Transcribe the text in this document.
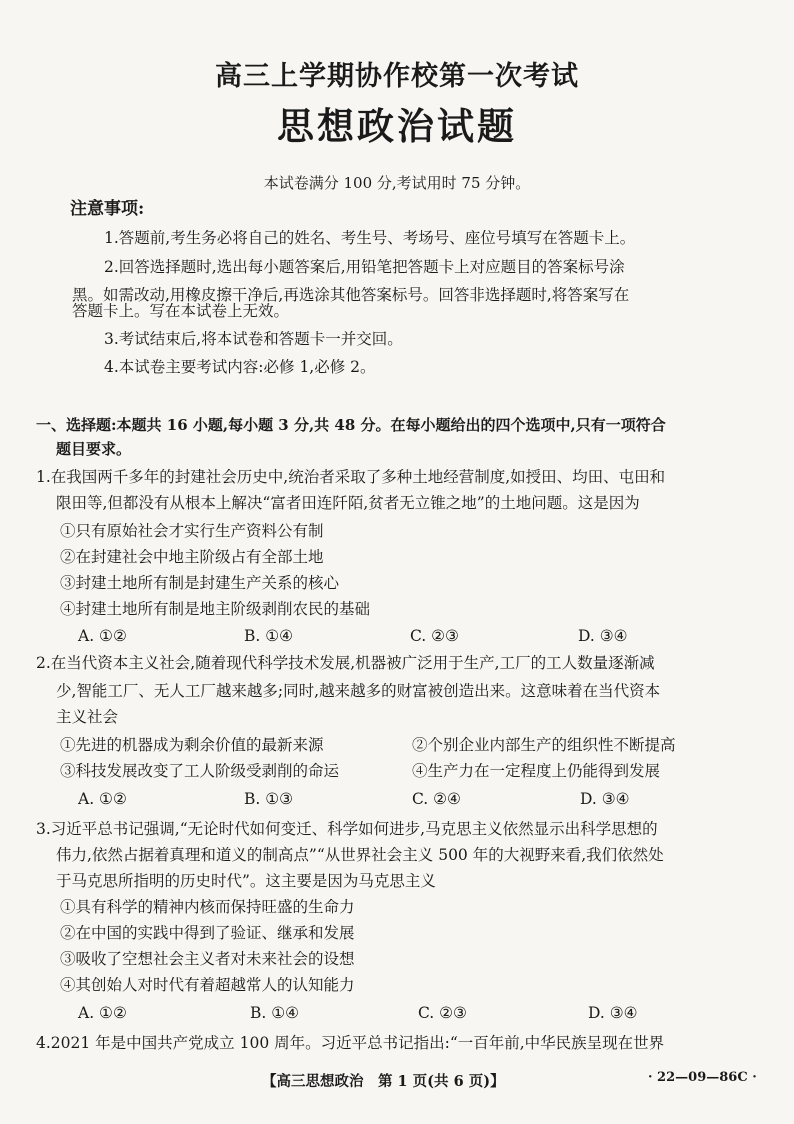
高三上学期协作校第一次考试
思想政治试题
本试卷满分 100 分,考试用时 75 分钟。
注意事项:
1.答题前,考生务必将自己的姓名、考生号、考场号、座位号填写在答题卡上。
2.回答选择题时,选出每小题答案后,用铅笔把答题卡上对应题目的答案标号涂
黑。如需改动,用橡皮擦干净后,再选涂其他答案标号。回答非选择题时,将答案写在
答题卡上。写在本试卷上无效。
3.考试结束后,将本试卷和答题卡一并交回。
4.本试卷主要考试内容:必修 1,必修 2。
一、选择题:本题共 16 小题,每小题 3 分,共 48 分。在每小题给出的四个选项中,只有一项符合
题目要求。
1.在我国两千多年的封建社会历史中,统治者采取了多种土地经营制度,如授田、均田、屯田和
限田等,但都没有从根本上解决“富者田连阡陌,贫者无立锥之地”的土地问题。这是因为
①只有原始社会才实行生产资料公有制
②在封建社会中地主阶级占有全部土地
③封建土地所有制是封建生产关系的核心
④封建土地所有制是地主阶级剥削农民的基础
A. ①②	B. ①④	C. ②③	D. ③④
2.在当代资本主义社会,随着现代科学技术发展,机器被广泛用于生产,工厂的工人数量逐渐减
少,智能工厂、无人工厂越来越多;同时,越来越多的财富被创造出来。这意味着在当代资本
主义社会
①先进的机器成为剩余价值的最新来源	②个别企业内部生产的组织性不断提高
③科技发展改变了工人阶级受剥削的命运	④生产力在一定程度上仍能得到发展
A. ①②	B. ①③	C. ②④	D. ③④
3.习近平总书记强调,“无论时代如何变迁、科学如何进步,马克思主义依然显示出科学思想的
伟力,依然占据着真理和道义的制高点”“从世界社会主义 500 年的大视野来看,我们依然处
于马克思所指明的历史时代”。这主要是因为马克思主义
①具有科学的精神内核而保持旺盛的生命力
②在中国的实践中得到了验证、继承和发展
③吸收了空想社会主义者对未来社会的设想
④其创始人对时代有着超越常人的认知能力
A. ①②	B. ①④	C. ②③	D. ③④
4.2021 年是中国共产党成立 100 周年。习近平总书记指出:“一百年前,中华民族呈现在世界
【高三思想政治　第 1 页(共 6 页)】	· 22—09—86C ·
